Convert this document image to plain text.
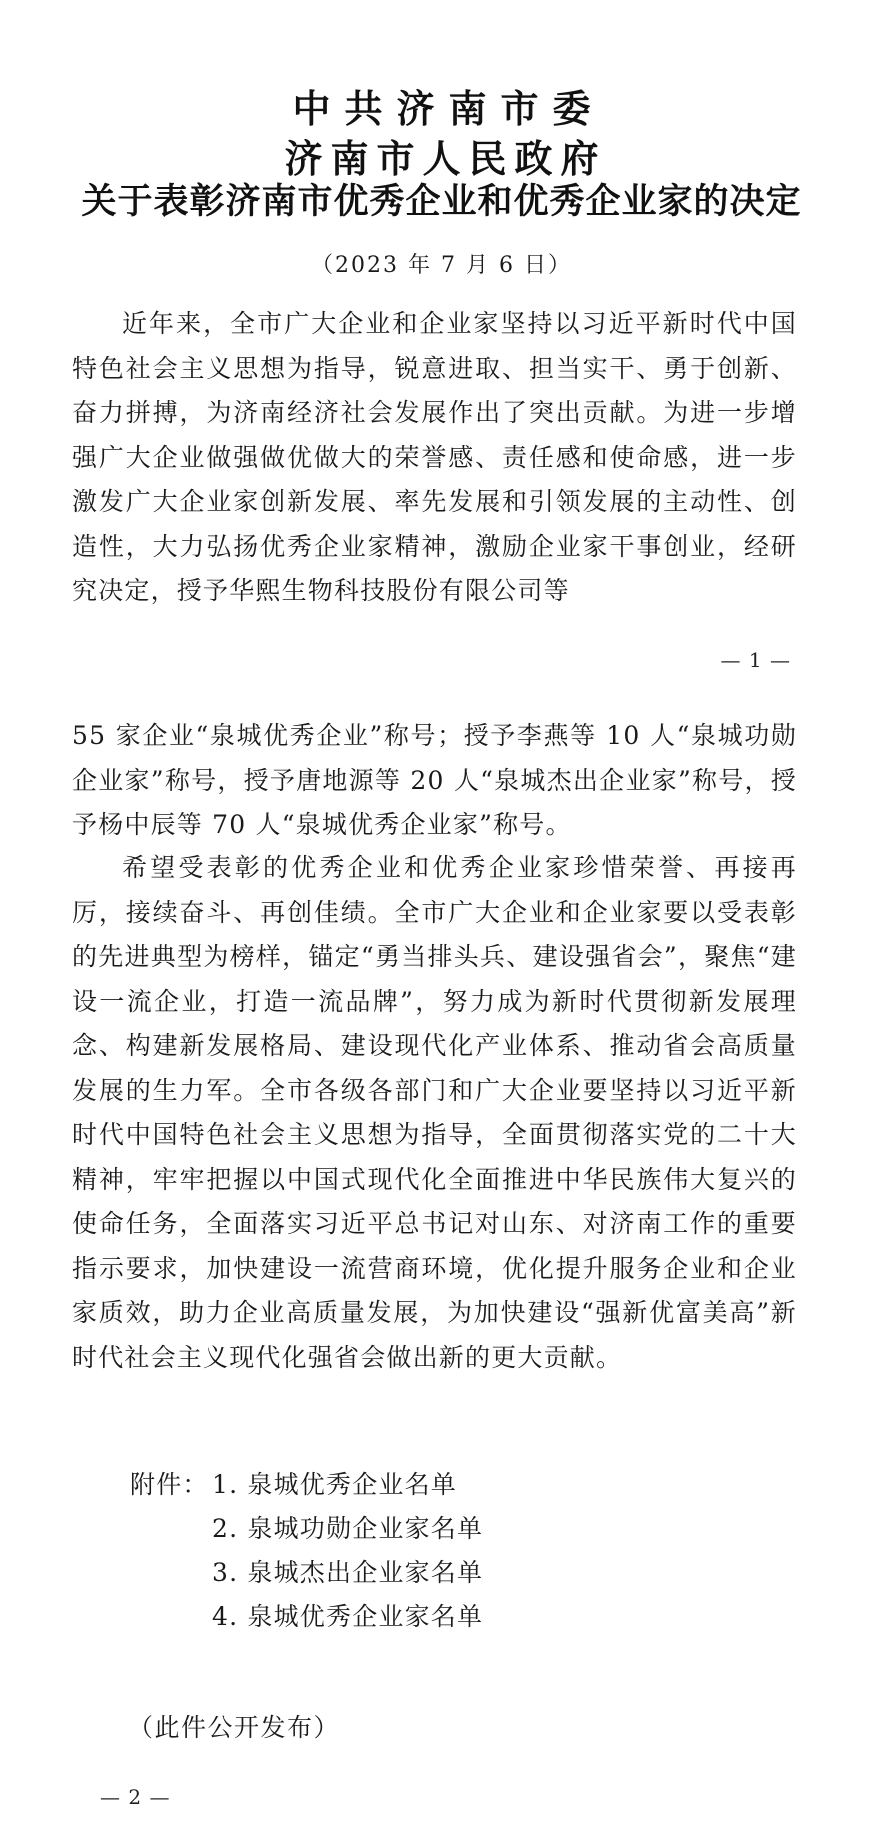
中共济南市委
济南市人民政府
关于表彰济南市优秀企业和优秀企业家的决定
（2023 年 7 月 6 日）

近年来，全市广大企业和企业家坚持以习近平新时代中国特色社会主义思想为指导，锐意进取、担当实干、勇于创新、奋力拼搏，为济南经济社会发展作出了突出贡献。为进一步增强广大企业做强做优做大的荣誉感、责任感和使命感，进一步激发广大企业家创新发展、率先发展和引领发展的主动性、创造性，大力弘扬优秀企业家精神，激励企业家干事创业，经研究决定，授予华熙生物科技股份有限公司等

— 1 —

55 家企业“泉城优秀企业”称号；授予李燕等 10 人“泉城功勋企业家”称号，授予唐地源等 20 人“泉城杰出企业家”称号，授予杨中辰等 70 人“泉城优秀企业家”称号。

希望受表彰的优秀企业和优秀企业家珍惜荣誉、再接再厉，接续奋斗、再创佳绩。全市广大企业和企业家要以受表彰的先进典型为榜样，锚定“勇当排头兵、建设强省会”，聚焦“建设一流企业，打造一流品牌”，努力成为新时代贯彻新发展理念、构建新发展格局、建设现代化产业体系、推动省会高质量发展的生力军。全市各级各部门和广大企业要坚持以习近平新时代中国特色社会主义思想为指导，全面贯彻落实党的二十大精神，牢牢把握以中国式现代化全面推进中华民族伟大复兴的使命任务，全面落实习近平总书记对山东、对济南工作的重要指示要求，加快建设一流营商环境，优化提升服务企业和企业家质效，助力企业高质量发展，为加快建设“强新优富美高”新时代社会主义现代化强省会做出新的更大贡献。

附件： 1. 泉城优秀企业名单
2. 泉城功勋企业家名单
3. 泉城杰出企业家名单
4. 泉城优秀企业家名单
（此件公开发布）
— 2 —
